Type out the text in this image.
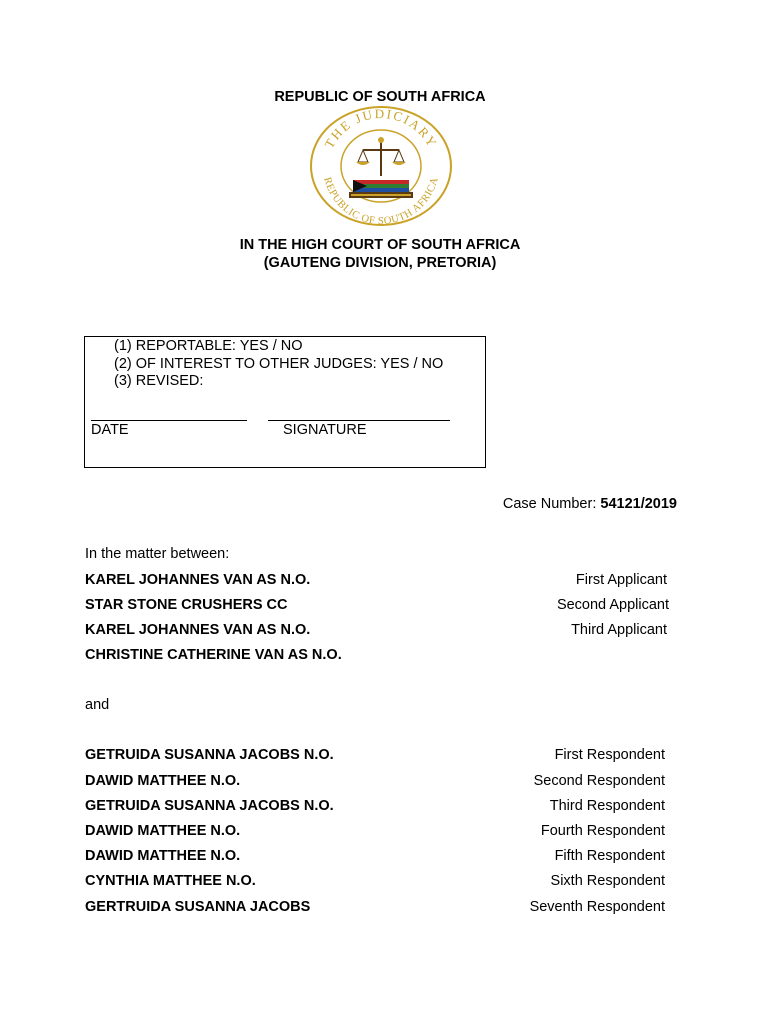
REPUBLIC OF SOUTH AFRICA
THE JUDICIARY
REPUBLIC OF SOUTH AFRICA
IN THE HIGH COURT OF SOUTH AFRICA
(GAUTENG DIVISION, PRETORIA)
(1) REPORTABLE: YES / NO
(2) OF INTEREST TO OTHER JUDGES: YES / NO
(3) REVISED:
DATE	SIGNATURE
Case Number: 54121/2019
In the matter between:
KAREL JOHANNES VAN AS N.O.	First Applicant
STAR STONE CRUSHERS CC	Second Applicant
KAREL JOHANNES VAN AS N.O.	Third Applicant
CHRISTINE CATHERINE VAN AS N.O.
and
GETRUIDA SUSANNA JACOBS N.O.	First Respondent
DAWID MATTHEE N.O.	Second Respondent
GETRUIDA SUSANNA JACOBS N.O.	Third Respondent
DAWID MATTHEE N.O.	Fourth Respondent
DAWID MATTHEE N.O.	Fifth Respondent
CYNTHIA MATTHEE N.O.	Sixth Respondent
GERTRUIDA SUSANNA JACOBS	Seventh Respondent
